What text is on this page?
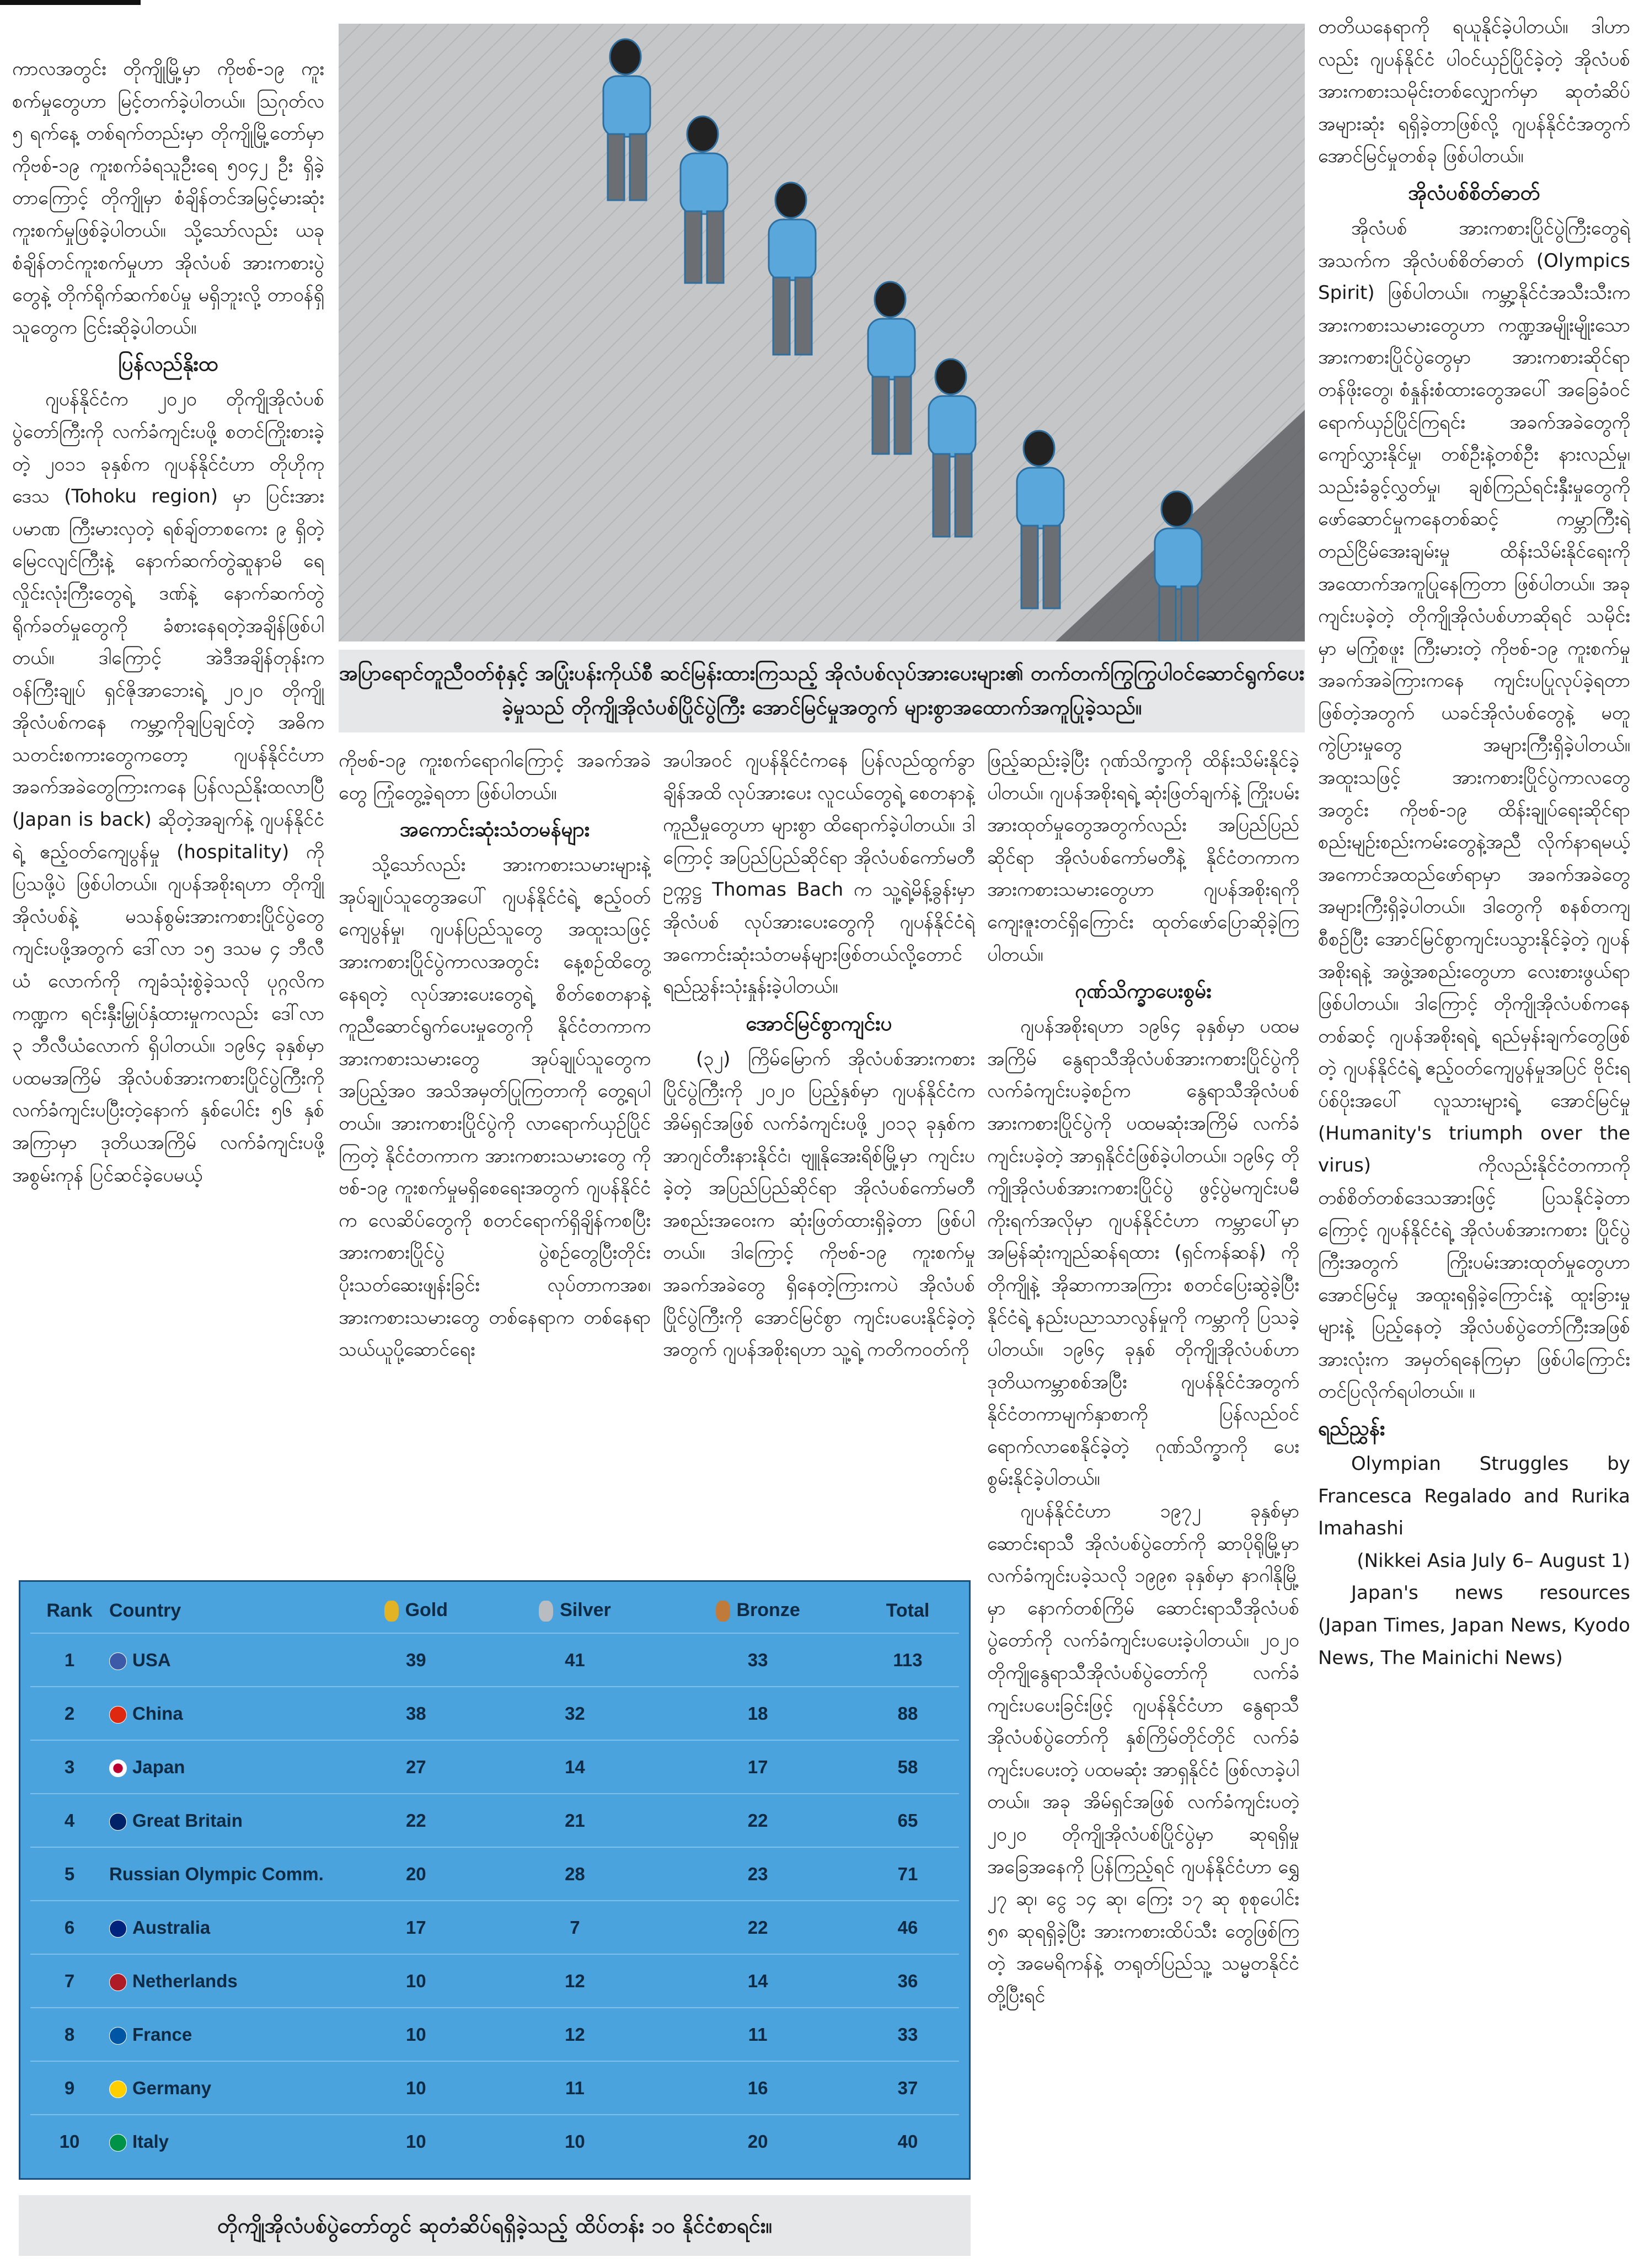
ကာလအတွင်း တိုကျိုမြို့မှာ ကိုဗစ်-၁၉ ကူးစက်မှုတွေဟာ မြင့်တက်ခဲ့ပါတယ်။ ဩဂုတ်လ ၅ ရက်နေ့ တစ်ရက်တည်းမှာ တိုကျိုမြို့တော်မှာ ကိုဗစ်-၁၉ ကူးစက်ခံရသူဦးရေ ၅၀၄၂ ဦး ရှိခဲ့တာကြောင့် တိုကျိုမှာ စံချိန်တင်အမြင့်မားဆုံး ကူးစက်မှုဖြစ်ခဲ့ပါတယ်။ သို့သော်လည်း ယခု စံချိန်တင်ကူးစက်မှုဟာ အိုလံပစ် အားကစားပွဲတွေနဲ့ တိုက်ရိုက်ဆက်စပ်မှု မရှိဘူးလို့ တာဝန်ရှိသူတွေက ငြင်းဆိုခဲ့ပါတယ်။

ပြန်လည်နိုးထ

ဂျပန်နိုင်ငံက ၂၀၂၀ တိုကျိုအိုလံပစ်ပွဲတော်ကြီးကို လက်ခံကျင်းပဖို့ စတင်ကြိုးစားခဲ့တဲ့ ၂၀၁၁ ခုနှစ်က ဂျပန်နိုင်ငံဟာ တိုဟိုကုဒေသ (Tohoku region) မှာ ပြင်းအားပမာဏ ကြီးမားလှတဲ့ ရစ်ချ်တာစကေး ၉ ရှိတဲ့ မြေငလျင်ကြီးနဲ့ နောက်ဆက်တွဲဆူနာမိ ရေလှိုင်းလုံးကြီးတွေရဲ့ ဒဏ်နဲ့ နောက်ဆက်တွဲရိုက်ခတ်မှုတွေကို ခံစားနေရတဲ့အချိန်ဖြစ်ပါတယ်။ ဒါကြောင့် အဲဒီအချိန်တုန်းက ဝန်ကြီးချုပ် ရှင်ဇိုအာဘေးရဲ့ ၂၀၂၀ တိုကျိုအိုလံပစ်ကနေ ကမ္ဘာ့ကိုချပြချင်တဲ့ အဓိကသတင်းစကားတွေကတော့ ဂျပန်နိုင်ငံဟာ အခက်အခဲတွေကြားကနေ ပြန်လည်နိုးထလာပြီ (Japan is back) ဆိုတဲ့အချက်နဲ့ ဂျပန်နိုင်ငံရဲ့ ဧည့်ဝတ်ကျေပွန်မှု (hospitality) ကို ပြသဖို့ပဲ ဖြစ်ပါတယ်။ ဂျပန်အစိုးရဟာ တိုကျိုအိုလံပစ်နဲ့ မသန်စွမ်းအားကစားပြိုင်ပွဲတွေ ကျင်းပဖို့အတွက် ဒေါ်လာ ၁၅ ဒသမ ၄ ဘီလီယံ လောက်ကို ကျခံသုံးစွဲခဲ့သလို ပုဂ္ဂလိကကဏ္ဍက ရင်းနှီးမြှုပ်နှံထားမှုကလည်း ဒေါ်လာ ၃ ဘီလီယံလောက် ရှိပါတယ်။ ၁၉၆၄ ခုနှစ်မှာ ပထမအကြိမ် အိုလံပစ်အားကစားပြိုင်ပွဲကြီးကို လက်ခံကျင်းပပြီးတဲ့နောက် နှစ်ပေါင်း ၅၆ နှစ်အကြာမှာ ဒုတိယအကြိမ် လက်ခံကျင်းပဖို့ အစွမ်းကုန် ပြင်ဆင်ခဲ့ပေမယ့်

အပြာရောင်တူညီဝတ်စုံနှင့် အပြုံးပန်းကိုယ်စီ ဆင်မြန်းထားကြသည့် အိုလံပစ်လုပ်အားပေးများ၏ တက်တက်ကြွကြွပါဝင်ဆောင်ရွက်ပေးခဲ့မှုသည် တိုကျိုအိုလံပစ်ပြိုင်ပွဲကြီး အောင်မြင်မှုအတွက် များစွာအထောက်အကူပြုခဲ့သည်။

ကိုဗစ်-၁၉ ကူးစက်ရောဂါကြောင့် အခက်အခဲတွေ ကြုံတွေ့ခဲ့ရတာ ဖြစ်ပါတယ်။

အကောင်းဆုံးသံတမန်များ

သို့သော်လည်း အားကစားသမားများနဲ့ အုပ်ချုပ်သူတွေအပေါ် ဂျပန်နိုင်ငံရဲ့ ဧည့်ဝတ်ကျေပွန်မှု၊ ဂျပန်ပြည်သူတွေ အထူးသဖြင့် အားကစားပြိုင်ပွဲကာလအတွင်း နေ့စဉ်ထိတွေ့နေရတဲ့ လုပ်အားပေးတွေရဲ့ စိတ်စေတနာနဲ့ ကူညီဆောင်ရွက်ပေးမှုတွေကို နိုင်ငံတကာက အားကစားသမားတွေ အုပ်ချုပ်သူတွေက အပြည့်အဝ အသိအမှတ်ပြုကြတာကို တွေ့ရပါတယ်။ အားကစားပြိုင်ပွဲကို လာရောက်ယှဉ်ပြိုင်ကြတဲ့ နိုင်ငံတကာက အားကစားသမားတွေ ကိုဗစ်-၁၉ ကူးစက်မှုမရှိစေရေးအတွက် ဂျပန်နိုင်ငံက လေဆိပ်တွေကို စတင်ရောက်ရှိချိန်ကစပြီး အားကစားပြိုင်ပွဲ ပွဲစဉ်တွေပြီးတိုင်း ပိုးသတ်ဆေးဖျန်းခြင်း လုပ်တာကအစ၊ အားကစားသမားတွေ တစ်နေရာက တစ်နေရာ သယ်ယူပို့ဆောင်ရေး

အပါအဝင် ဂျပန်နိုင်ငံကနေ ပြန်လည်ထွက်ခွာချိန်အထိ လုပ်အားပေး လူငယ်တွေရဲ့ စေတနာနဲ့ ကူညီမှုတွေဟာ များစွာ ထိရောက်ခဲ့ပါတယ်။ ဒါကြောင့် အပြည်ပြည်ဆိုင်ရာ အိုလံပစ်ကော်မတီဥက္ကဋ္ဌ Thomas Bach က သူ့ရဲ့မိန့်ခွန်းမှာ အိုလံပစ် လုပ်အားပေးတွေကို ဂျပန်နိုင်ငံရဲ့အကောင်းဆုံးသံတမန်များဖြစ်တယ်လို့တောင် ရည်ညွှန်းသုံးနှုန်းခဲ့ပါတယ်။

အောင်မြင်စွာကျင်းပ

(၃၂) ကြိမ်မြောက် အိုလံပစ်အားကစားပြိုင်ပွဲကြီးကို ၂၀၂၀ ပြည့်နှစ်မှာ ဂျပန်နိုင်ငံက အိမ်ရှင်အဖြစ် လက်ခံကျင်းပဖို့ ၂၀၁၃ ခုနှစ်က အာဂျင်တီးနားနိုင်ငံ၊ ဗျူနိုအေးရိစ်မြို့မှာ ကျင်းပခဲ့တဲ့ အပြည်ပြည်ဆိုင်ရာ အိုလံပစ်ကော်မတီ အစည်းအဝေးက ဆုံးဖြတ်ထားရှိခဲ့တာ ဖြစ်ပါတယ်။ ဒါကြောင့် ကိုဗစ်-၁၉ ကူးစက်မှု အခက်အခဲတွေ ရှိနေတဲ့ကြားကပဲ အိုလံပစ်ပြိုင်ပွဲကြီးကို အောင်မြင်စွာ ကျင်းပပေးနိုင်ခဲ့တဲ့အတွက် ဂျပန်အစိုးရဟာ သူ့ရဲ့ ကတိကဝတ်ကို

ဖြည့်ဆည်းခဲ့ပြီး ဂုဏ်သိက္ခာကို ထိန်းသိမ်းနိုင်ခဲ့ပါတယ်။ ဂျပန်အစိုးရရဲ့ ဆုံးဖြတ်ချက်နဲ့ ကြိုးပမ်းအားထုတ်မှုတွေအတွက်လည်း အပြည်ပြည်ဆိုင်ရာ အိုလံပစ်ကော်မတီနဲ့ နိုင်ငံတကာက အားကစားသမားတွေဟာ ဂျပန်အစိုးရကို ကျေးဇူးတင်ရှိကြောင်း ထုတ်ဖော်ပြောဆိုခဲ့ကြပါတယ်။

ဂုဏ်သိက္ခာပေးစွမ်း

ဂျပန်အစိုးရဟာ ၁၉၆၄ ခုနှစ်မှာ ပထမအကြိမ် နွေရာသီအိုလံပစ်အားကစားပြိုင်ပွဲကို လက်ခံကျင်းပခဲ့စဉ်က နွေရာသီအိုလံပစ် အားကစားပြိုင်ပွဲကို ပထမဆုံးအကြိမ် လက်ခံကျင်းပခဲ့တဲ့ အာရှနိုင်ငံဖြစ်ခဲ့ပါတယ်။ ၁၉၆၄ တိုကျိုအိုလံပစ်အားကစားပြိုင်ပွဲ ဖွင့်ပွဲမကျင်းပမီ ကိုးရက်အလိုမှာ ဂျပန်နိုင်ငံဟာ ကမ္ဘာပေါ်မှာ အမြန်ဆုံးကျည်ဆန်ရထား (ရှင်ကန်ဆန်) ကို တိုကျိုနဲ့ အိုဆာကာအကြား စတင်ပြေးဆွဲခဲ့ပြီး နိုင်ငံရဲ့ နည်းပညာသာလွန်မှုကို ကမ္ဘာကို ပြသခဲ့ပါတယ်။ ၁၉၆၄ ခုနှစ် တိုကျိုအိုလံပစ်ဟာ ဒုတိယကမ္ဘာစစ်အပြီး ဂျပန်နိုင်ငံအတွက် နိုင်ငံတကာမျက်နှာစာကို ပြန်လည်ဝင်ရောက်လာစေနိုင်ခဲ့တဲ့ ဂုဏ်သိက္ခာကို ပေးစွမ်းနိုင်ခဲ့ပါတယ်။

ဂျပန်နိုင်ငံဟာ ၁၉၇၂ ခုနှစ်မှာ ဆောင်းရာသီ အိုလံပစ်ပွဲတော်ကို ဆာပိုရိုမြို့မှာ လက်ခံကျင်းပခဲ့သလို ၁၉၉၈ ခုနှစ်မှာ နာဂါနိုမြို့မှာ နောက်တစ်ကြိမ် ဆောင်းရာသီအိုလံပစ်ပွဲတော်ကို လက်ခံကျင်းပပေးခဲ့ပါတယ်။ ၂၀၂၀ တိုကျိုနွေရာသီအိုလံပစ်ပွဲတော်ကို လက်ခံကျင်းပပေးခြင်းဖြင့် ဂျပန်နိုင်ငံဟာ နွေရာသီအိုလံပစ်ပွဲတော်ကို နှစ်ကြိမ်တိုင်တိုင် လက်ခံကျင်းပပေးတဲ့ ပထမဆုံး အာရှနိုင်ငံ ဖြစ်လာခဲ့ပါတယ်။ အခု အိမ်ရှင်အဖြစ် လက်ခံကျင်းပတဲ့ ၂၀၂၀ တိုကျိုအိုလံပစ်ပြိုင်ပွဲမှာ ဆုရရှိမှုအခြေအနေကို ပြန်ကြည့်ရင် ဂျပန်နိုင်ငံဟာ ရွှေ ၂၇ ဆု၊ ငွေ ၁၄ ဆု၊ ကြေး ၁၇ ဆု စုစုပေါင်း ၅၈ ဆုရရှိခဲ့ပြီး အားကစားထိပ်သီး တွေဖြစ်ကြတဲ့ အမေရိကန်နဲ့ တရုတ်ပြည်သူ့ သမ္မတနိုင်ငံတို့ပြီးရင်

တတိယနေရာကို ရယူနိုင်ခဲ့ပါတယ်။ ဒါဟာလည်း ဂျပန်နိုင်ငံ ပါဝင်ယှဉ်ပြိုင်ခဲ့တဲ့ အိုလံပစ်အားကစားသမိုင်းတစ်လျှောက်မှာ ဆုတံဆိပ်အများဆုံး ရရှိခဲ့တာဖြစ်လို့ ဂျပန်နိုင်ငံအတွက် အောင်မြင်မှုတစ်ခု ဖြစ်ပါတယ်။

အိုလံပစ်စိတ်ဓာတ်

အိုလံပစ် အားကစားပြိုင်ပွဲကြီးတွေရဲ့ အသက်က အိုလံပစ်စိတ်ဓာတ် (Olympics Spirit) ဖြစ်ပါတယ်။ ကမ္ဘာ့နိုင်ငံအသီးသီးက အားကစားသမားတွေဟာ ကဏ္ဍအမျိုးမျိုးသော အားကစားပြိုင်ပွဲတွေမှာ အားကစားဆိုင်ရာ တန်ဖိုးတွေ၊ စံနှုန်းစံထားတွေအပေါ် အခြေခံဝင်ရောက်ယှဉ်ပြိုင်ကြရင်း အခက်အခဲတွေကို ကျော်လွှားနိုင်မှု၊ တစ်ဦးနဲ့တစ်ဦး နားလည်မှု၊ သည်းခံခွင့်လွှတ်မှု၊ ချစ်ကြည်ရင်းနှီးမှုတွေကို ဖော်ဆောင်မှုကနေတစ်ဆင့် ကမ္ဘာကြီးရဲ့ တည်ငြိမ်အေးချမ်းမှု ထိန်းသိမ်းနိုင်ရေးကို အထောက်အကူပြုနေကြတာ ဖြစ်ပါတယ်။ အခုကျင်းပခဲ့တဲ့ တိုကျိုအိုလံပစ်ဟာဆိုရင် သမိုင်းမှာ မကြုံစဖူး ကြီးမားတဲ့ ကိုဗစ်-၁၉ ကူးစက်မှုအခက်အခဲကြားကနေ ကျင်းပပြုလုပ်ခဲ့ရတာဖြစ်တဲ့အတွက် ယခင်အိုလံပစ်တွေနဲ့ မတူကွဲပြားမှုတွေ အများကြီးရှိခဲ့ပါတယ်။ အထူးသဖြင့် အားကစားပြိုင်ပွဲကာလတွေအတွင်း ကိုဗစ်-၁၉ ထိန်းချုပ်ရေးဆိုင်ရာ စည်းမျဉ်းစည်းကမ်းတွေနဲ့အညီ လိုက်နာရမယ့် အကောင်အထည်ဖော်ရာမှာ အခက်အခဲတွေ အများကြီးရှိခဲ့ပါတယ်။ ဒါတွေကို စနစ်တကျစီစဉ်ပြီး အောင်မြင်စွာကျင်းပသွားနိုင်ခဲ့တဲ့ ဂျပန်အစိုးရနဲ့ အဖွဲ့အစည်းတွေဟာ လေးစားဖွယ်ရာဖြစ်ပါတယ်။ ဒါကြောင့် တိုကျိုအိုလံပစ်ကနေတစ်ဆင့် ဂျပန်အစိုးရရဲ့ ရည်မှန်းချက်တွေဖြစ်တဲ့ ဂျပန်နိုင်ငံရဲ့ ဧည့်ဝတ်ကျေပွန်မှုအပြင် ဗိုင်းရပ်စ်ပိုးအပေါ် လူသားများရဲ့ အောင်မြင်မှု (Humanity's triumph over the virus) ကိုလည်းနိုင်ငံတကာကို တစ်စိတ်တစ်ဒေသအားဖြင့် ပြသနိုင်ခဲ့တာကြောင့် ဂျပန်နိုင်ငံရဲ့ အိုလံပစ်အားကစား ပြိုင်ပွဲကြီးအတွက် ကြိုးပမ်းအားထုတ်မှုတွေဟာ အောင်မြင်မှု အထူးရရှိခဲ့ကြောင်းနဲ့ ထူးခြားမှုများနဲ့ ပြည့်နေတဲ့ အိုလံပစ်ပွဲတော်ကြီးအဖြစ် အားလုံးက အမှတ်ရနေကြမှာ ဖြစ်ပါကြောင်း တင်ပြလိုက်ရပါတယ်။ ။

ရည်ညွှန်း

Olympian Struggles by Francesca Regalado and Rurika Imahashi

(Nikkei Asia July 6– August 1)

Japan's news resources (Japan Times, Japan News, Kyodo News, The Mainichi News)

Rank	Country	Gold	Silver	Bronze	Total
1	USA	39	41	33	113
2	China	38	32	18	88
3	Japan	27	14	17	58
4	Great Britain	22	21	22	65
5	Russian Olympic Comm.	20	28	23	71
6	Australia	17	7	22	46
7	Netherlands	10	12	14	36
8	France	10	12	11	33
9	Germany	10	11	16	37
10	Italy	10	10	20	40
တိုကျိုအိုလံပစ်ပွဲတော်တွင် ဆုတံဆိပ်ရရှိခဲ့သည့် ထိပ်တန်း ၁၀ နိုင်ငံစာရင်း။
